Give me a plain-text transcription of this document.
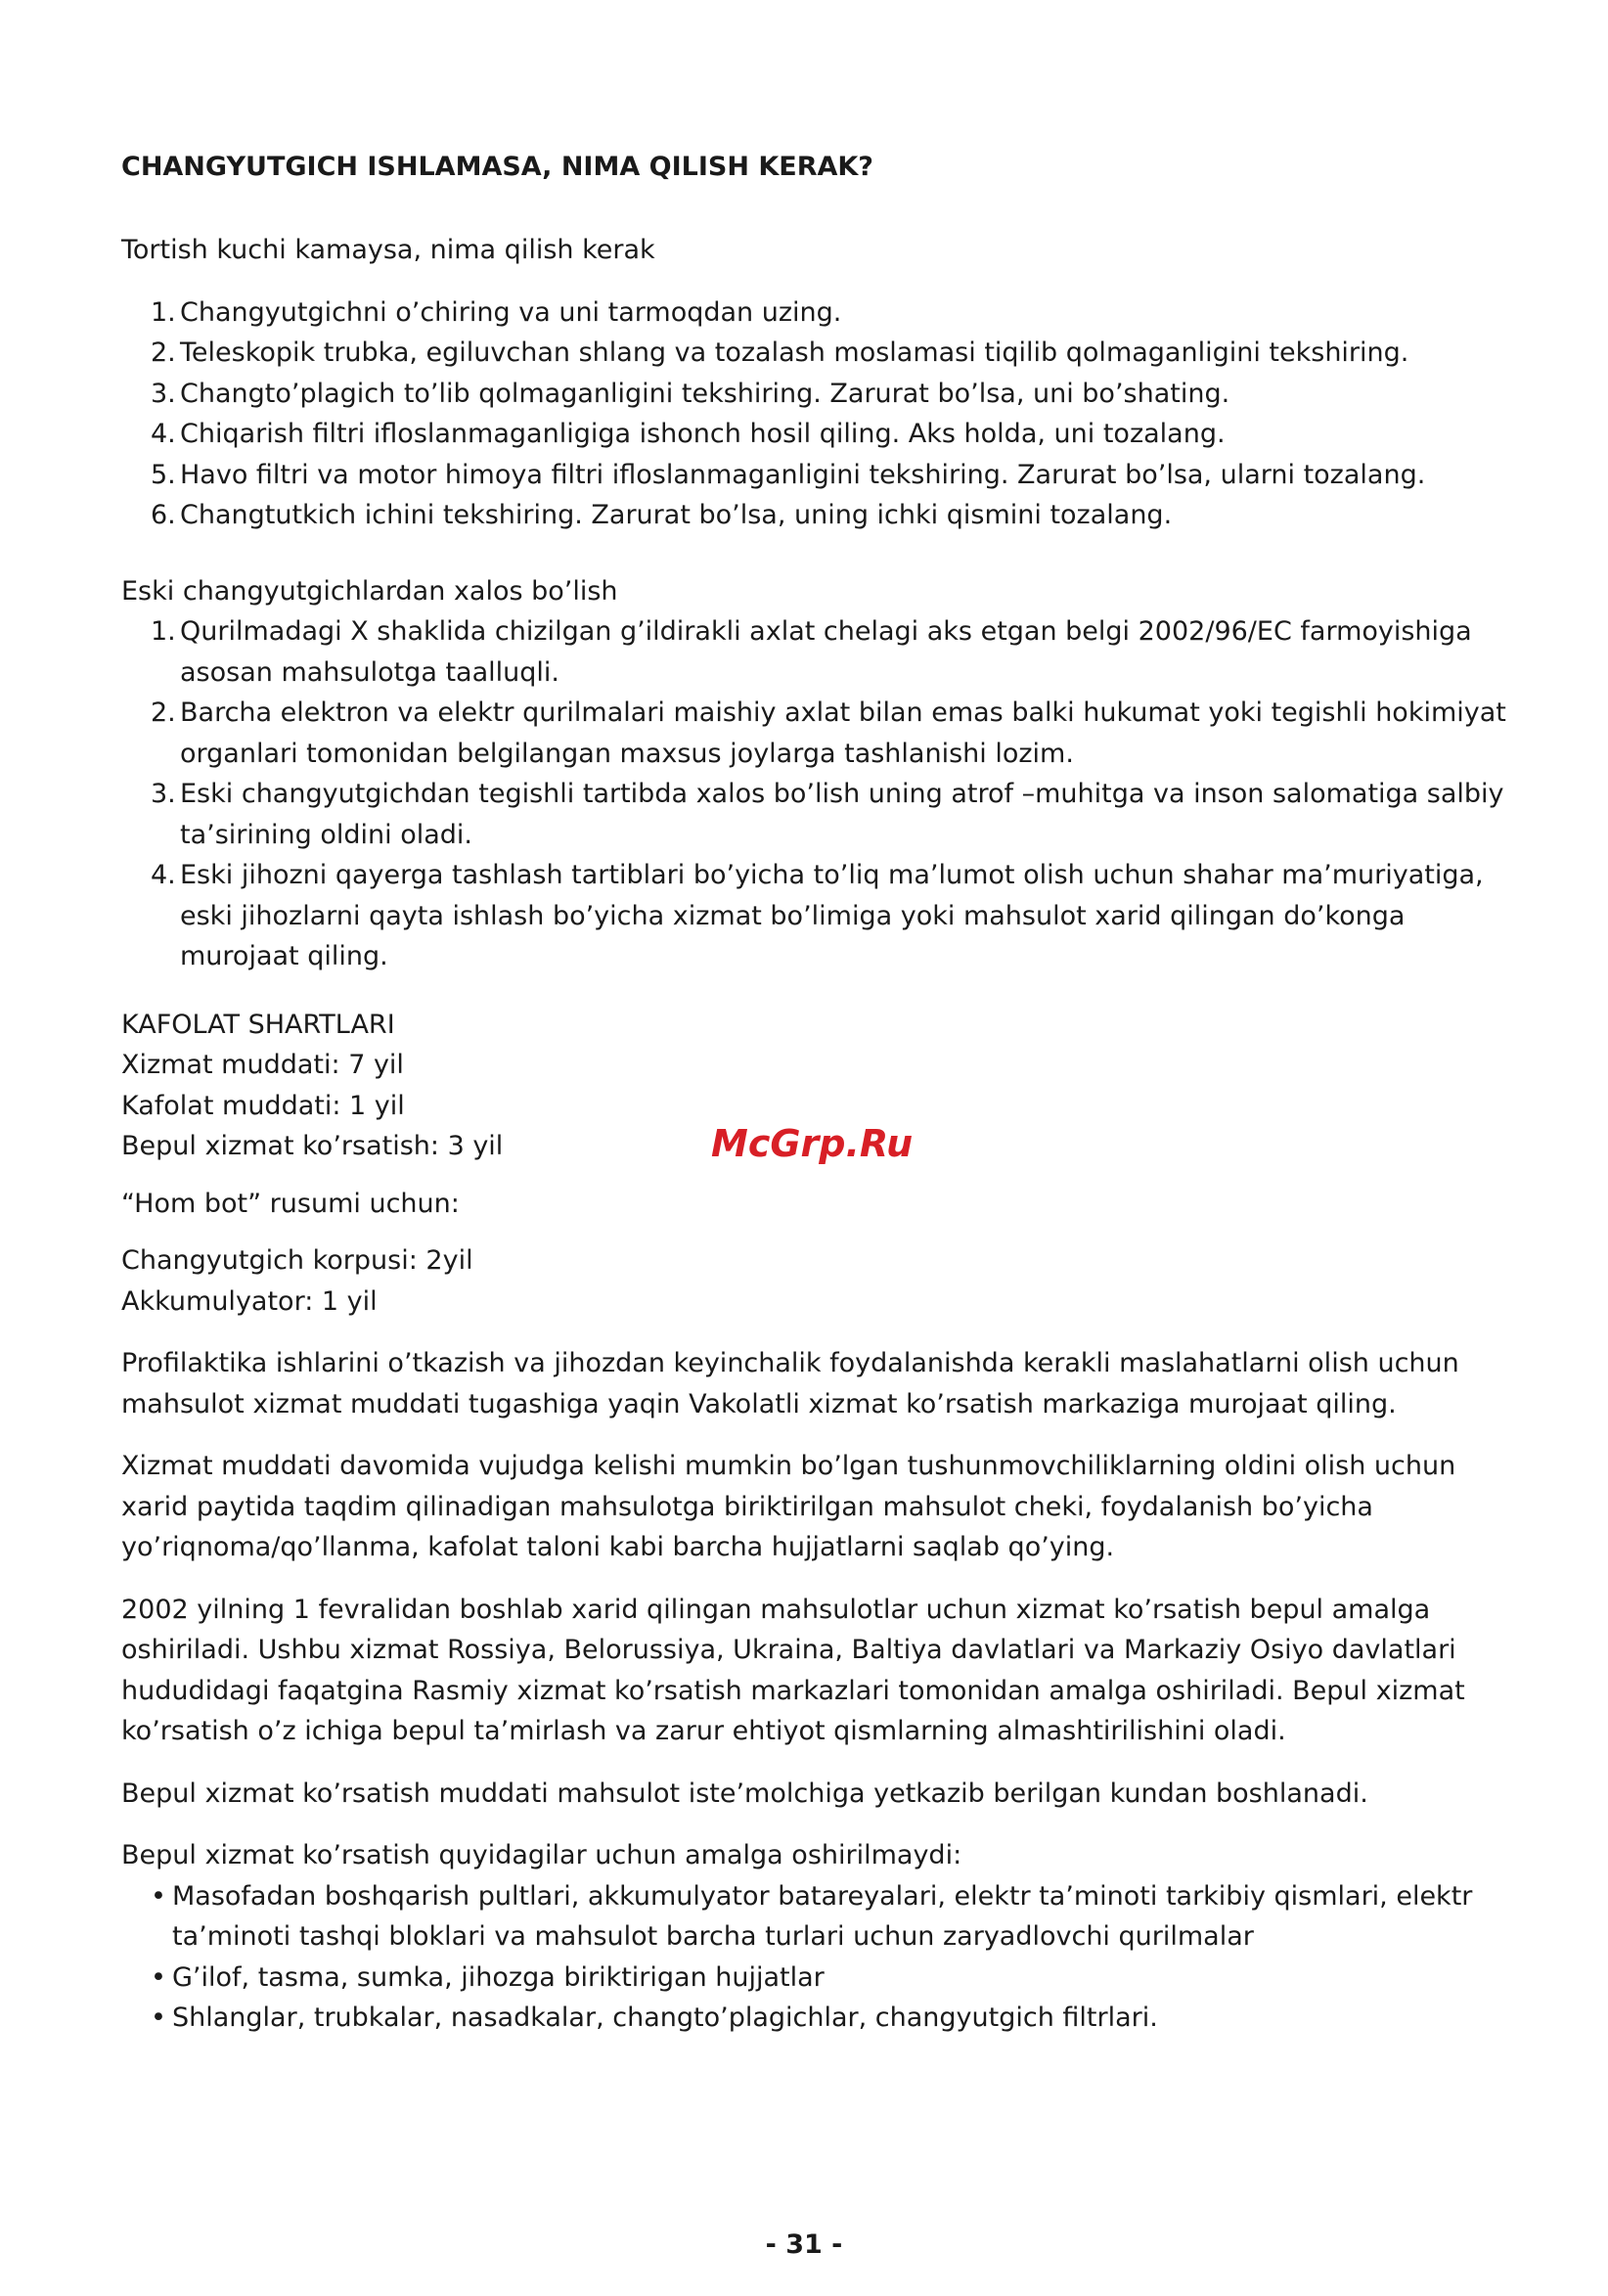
CHANGYUTGICH ISHLAMASA, NIMA QILISH KERAK?

Tortish kuchi kamaysa, nima qilish kerak

1. Changyutgichni o’chiring va uni tarmoqdan uzing.
2. Teleskopik trubka, egiluvchan shlang va tozalash moslamasi tiqilib qolmaganligini tekshiring.
3. Changto’plagich to’lib qolmaganligini tekshiring. Zarurat bo’lsa, uni bo’shating.
4. Chiqarish filtri ifloslanmaganligiga ishonch hosil qiling. Aks holda, uni tozalang.
5. Havo filtri va motor himoya filtri ifloslanmaganligini tekshiring. Zarurat bo’lsa, ularni tozalang.
6. Changtutkich ichini tekshiring. Zarurat bo’lsa, uning ichki qismini tozalang.

Eski changyutgichlardan xalos bo’lish

1. Qurilmadagi X shaklida chizilgan g’ildirakli axlat chelagi aks etgan belgi 2002/96/EC farmoyishiga asosan mahsulotga taalluqli.
2. Barcha elektron va elektr qurilmalari maishiy axlat bilan emas balki hukumat yoki tegishli hokimiyat organlari tomonidan belgilangan maxsus joylarga tashlanishi lozim.
3. Eski changyutgichdan tegishli tartibda xalos bo’lish uning atrof –muhitga va inson salomatiga salbiy ta’sirining oldini oladi.
4. Eski jihozni qayerga tashlash tartiblari bo’yicha to’liq ma’lumot olish uchun shahar ma’muriyatiga, eski jihozlarni qayta ishlash bo’yicha xizmat bo’limiga yoki mahsulot xarid qilingan do’konga murojaat qiling.

KAFOLAT SHARTLARI

Xizmat muddati: 7 yil

Kafolat muddati: 1 yil

Bepul xizmat ko’rsatish: 3 yil

“Hom bot” rusumi uchun:

Changyutgich korpusi: 2yil

Akkumulyator: 1 yil

Profilaktika ishlarini o’tkazish va jihozdan keyinchalik foydalanishda kerakli maslahatlarni olish uchun mahsulot xizmat muddati tugashiga yaqin Vakolatli xizmat ko’rsatish markaziga murojaat qiling.

Xizmat muddati davomida vujudga kelishi mumkin bo’lgan tushunmovchiliklarning oldini olish uchun xarid paytida taqdim qilinadigan mahsulotga biriktirilgan mahsulot cheki, foydalanish bo’yicha yo’riqnoma/qo’llanma, kafolat taloni kabi barcha hujjatlarni saqlab qo’ying.

2002 yilning 1 fevralidan boshlab xarid qilingan mahsulotlar uchun xizmat ko’rsatish bepul amalga oshiriladi. Ushbu xizmat Rossiya, Belorussiya, Ukraina, Baltiya davlatlari va Markaziy Osiyo davlatlari hududidagi faqatgina Rasmiy xizmat ko’rsatish markazlari tomonidan amalga oshiriladi. Bepul xizmat ko’rsatish o’z ichiga bepul ta’mirlash va zarur ehtiyot qismlarning almashtirilishini oladi.

Bepul xizmat ko’rsatish muddati mahsulot iste’molchiga yetkazib berilgan kundan boshlanadi.

Bepul xizmat ko’rsatish quyidagilar uchun amalga oshirilmaydi:

• Masofadan boshqarish pultlari, akkumulyator batareyalari, elektr ta’minoti tarkibiy qismlari, elektr ta’minoti tashqi bloklari va mahsulot barcha turlari uchun zaryadlovchi qurilmalar
• G’ilof, tasma, sumka, jihozga biriktirigan hujjatlar
• Shlanglar, trubkalar, nasadkalar, changto’plagichlar, changyutgich filtrlari.
McGrp.Ru
- 31 -
